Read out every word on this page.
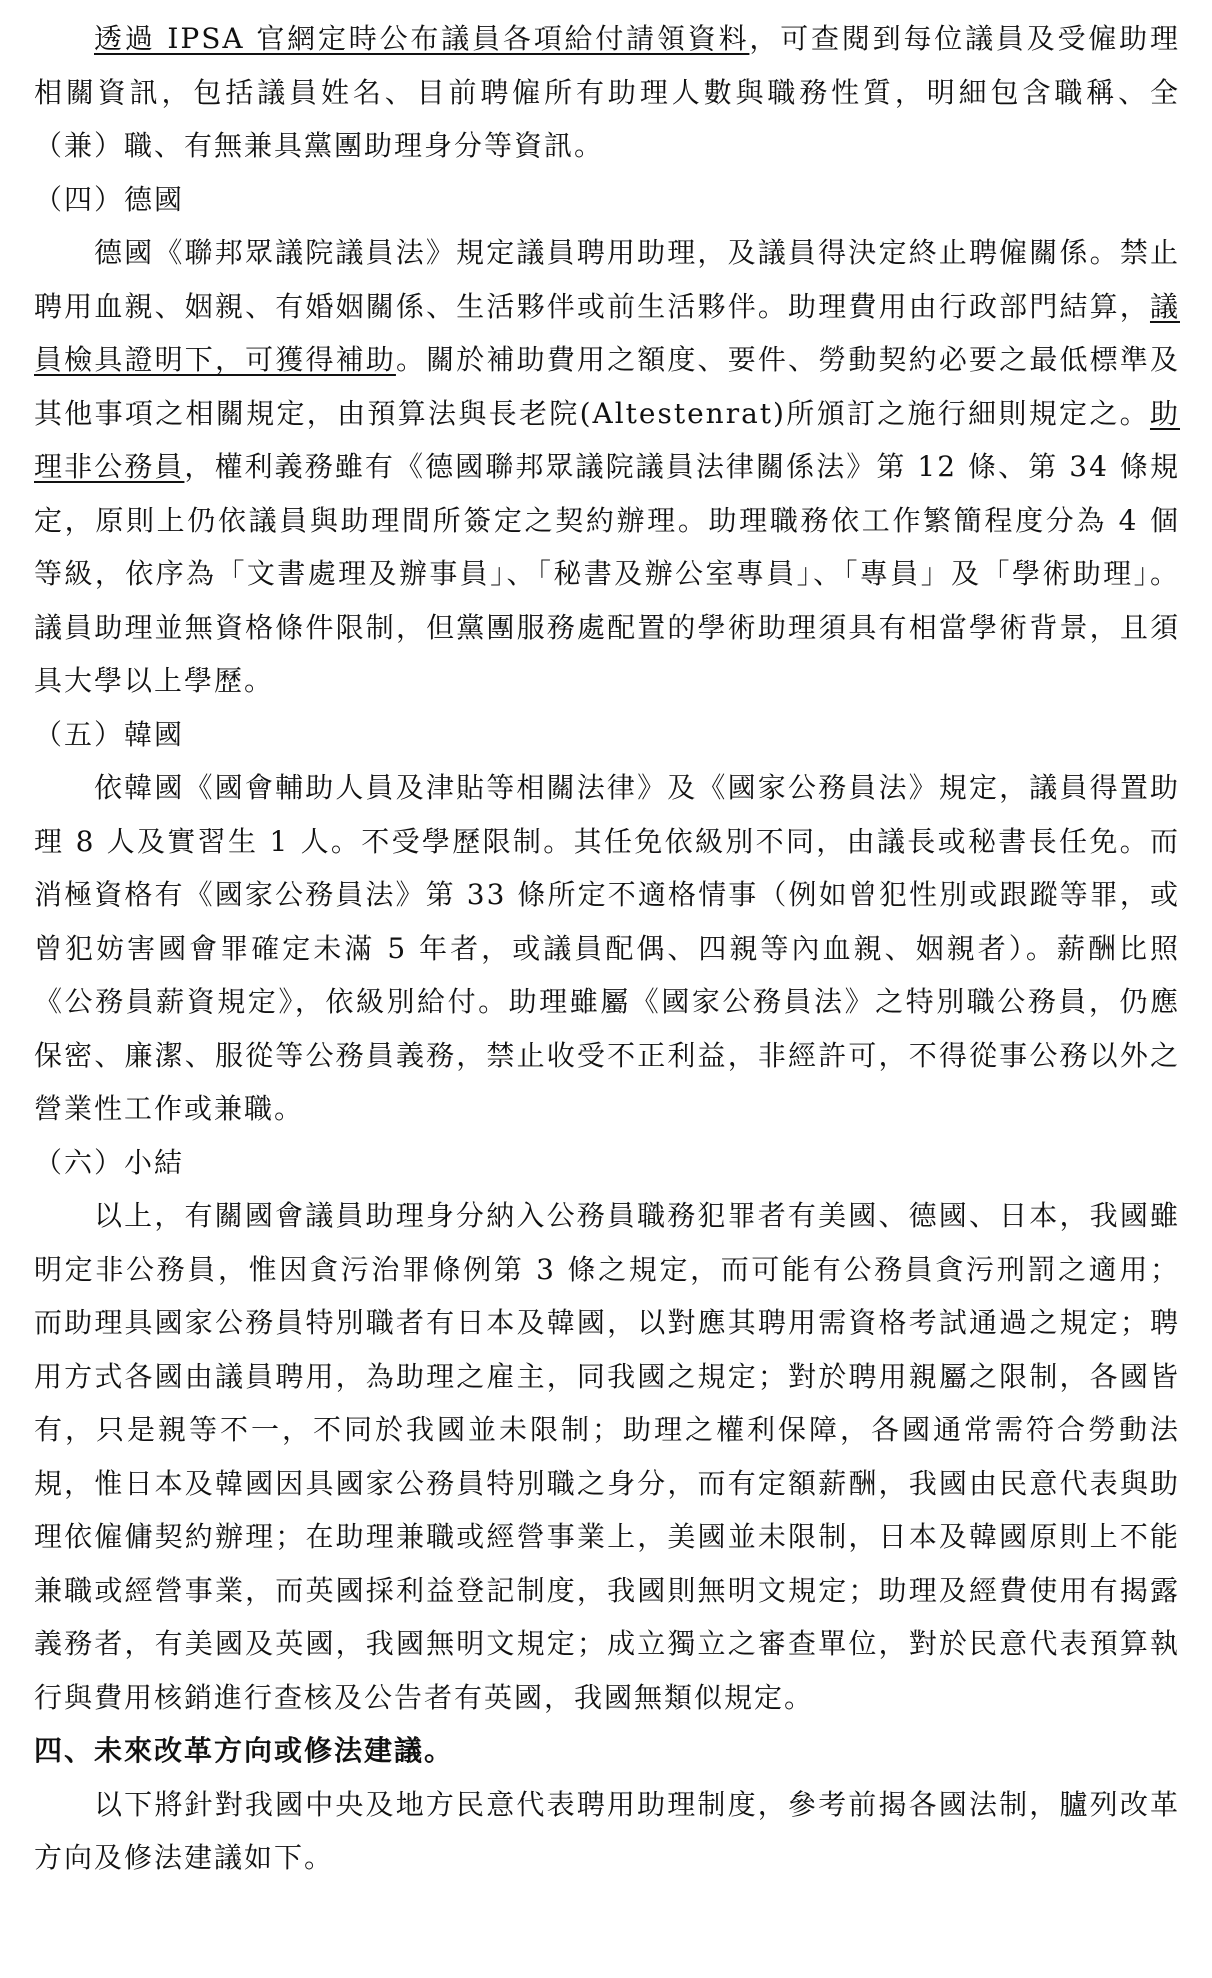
透過 IPSA 官網定時公布議員各項給付請領資料，可查閱到每位議員及受僱助理相關資訊，包括議員姓名、目前聘僱所有助理人數與職務性質，明細包含職稱、全（兼）職、有無兼具黨團助理身分等資訊。

（四）德國

德國《聯邦眾議院議員法》規定議員聘用助理，及議員得決定終止聘僱關係。禁止聘用血親、姻親、有婚姻關係、生活夥伴或前生活夥伴。助理費用由行政部門結算，議員檢具證明下，可獲得補助。關於補助費用之額度、要件、勞動契約必要之最低標準及其他事項之相關規定，由預算法與長老院(Altestenrat)所頒訂之施行細則規定之。助理非公務員，權利義務雖有《德國聯邦眾議院議員法律關係法》第 12 條、第 34 條規定，原則上仍依議員與助理間所簽定之契約辦理。助理職務依工作繁簡程度分為 4 個等級，依序為「文書處理及辦事員」、「秘書及辦公室專員」、「專員」及「學術助理」。議員助理並無資格條件限制，但黨團服務處配置的學術助理須具有相當學術背景，且須具大學以上學歷。

（五）韓國

依韓國《國會輔助人員及津貼等相關法律》及《國家公務員法》規定，議員得置助理 8 人及實習生 1 人。不受學歷限制。其任免依級別不同，由議長或秘書長任免。而消極資格有《國家公務員法》第 33 條所定不適格情事（例如曾犯性別或跟蹤等罪，或曾犯妨害國會罪確定未滿 5 年者，或議員配偶、四親等內血親、姻親者）。薪酬比照《公務員薪資規定》，依級別給付。助理雖屬《國家公務員法》之特別職公務員，仍應保密、廉潔、服從等公務員義務，禁止收受不正利益，非經許可，不得從事公務以外之營業性工作或兼職。

（六）小結

以上，有關國會議員助理身分納入公務員職務犯罪者有美國、德國、日本，我國雖明定非公務員，惟因貪污治罪條例第 3 條之規定，而可能有公務員貪污刑罰之適用；而助理具國家公務員特別職者有日本及韓國，以對應其聘用需資格考試通過之規定；聘用方式各國由議員聘用，為助理之雇主，同我國之規定；對於聘用親屬之限制，各國皆有，只是親等不一，不同於我國並未限制；助理之權利保障，各國通常需符合勞動法規，惟日本及韓國因具國家公務員特別職之身分，而有定額薪酬，我國由民意代表與助理依僱傭契約辦理；在助理兼職或經營事業上，美國並未限制，日本及韓國原則上不能兼職或經營事業，而英國採利益登記制度，我國則無明文規定；助理及經費使用有揭露義務者，有美國及英國，我國無明文規定；成立獨立之審查單位，對於民意代表預算執行與費用核銷進行查核及公告者有英國，我國無類似規定。

四、未來改革方向或修法建議。

以下將針對我國中央及地方民意代表聘用助理制度，參考前揭各國法制，臚列改革方向及修法建議如下。
